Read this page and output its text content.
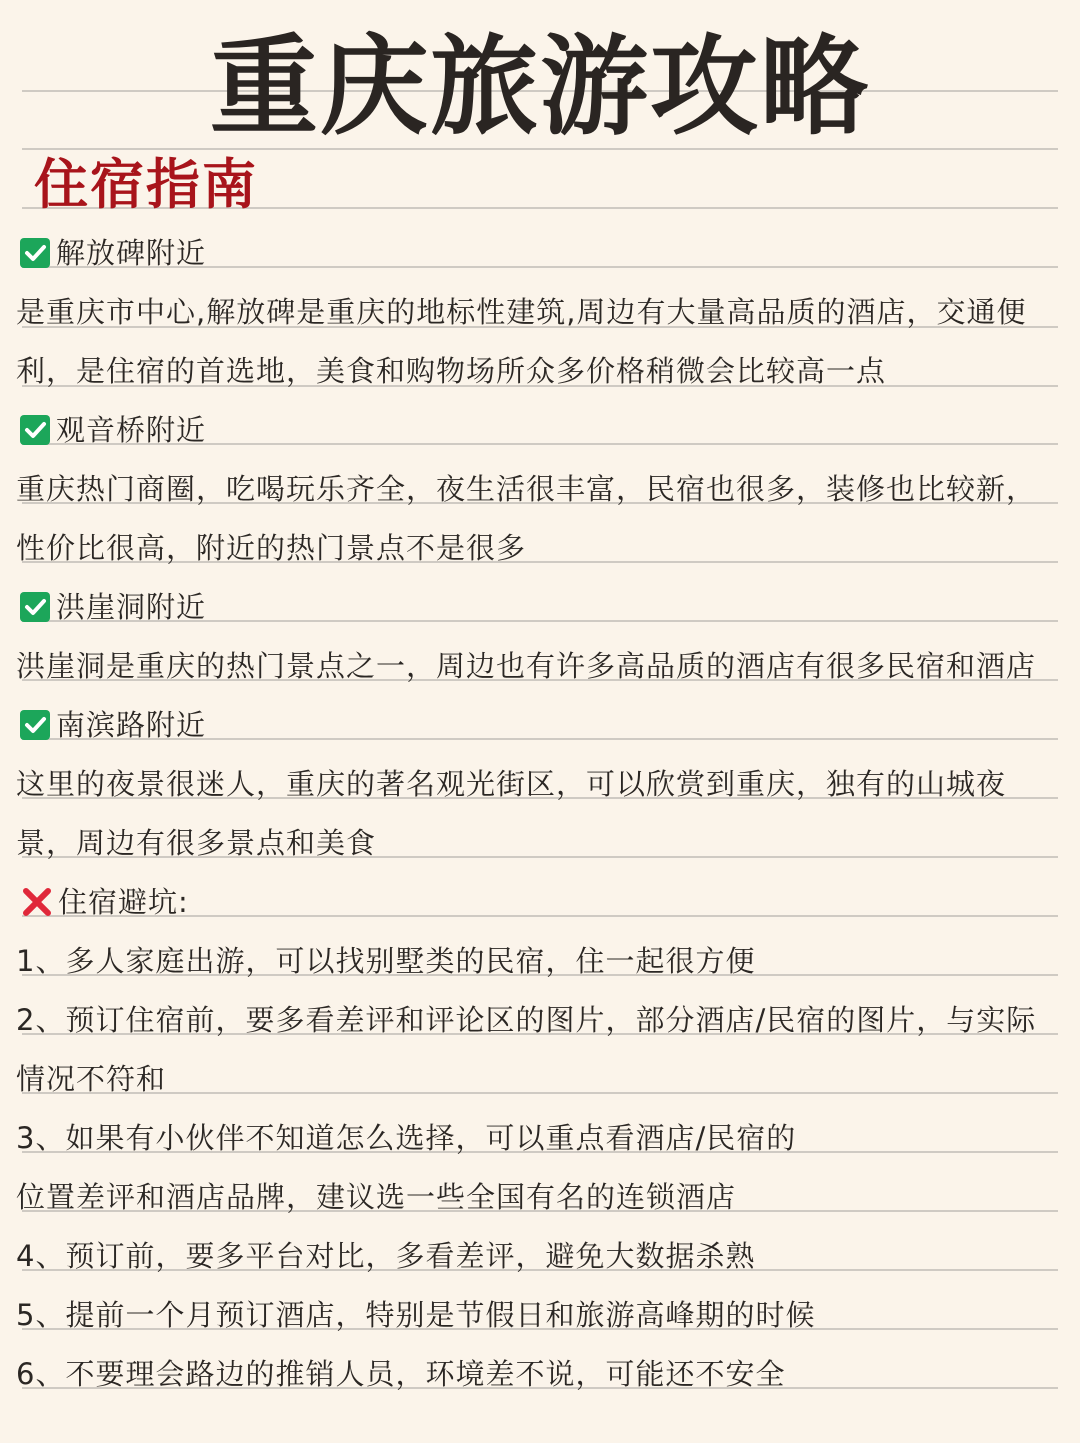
重庆旅游攻略
住宿指南
解放碑附近
是重庆市中心,解放碑是重庆的地标性建筑,周边有大量高品质的酒店，交通便
利，是住宿的首选地，美食和购物场所众多价格稍微会比较高一点
观音桥附近
重庆热门商圈，吃喝玩乐齐全，夜生活很丰富，民宿也很多，装修也比较新，
性价比很高，附近的热门景点不是很多
洪崖洞附近
洪崖洞是重庆的热门景点之一，周边也有许多高品质的酒店有很多民宿和酒店
南滨路附近
这里的夜景很迷人，重庆的著名观光街区，可以欣赏到重庆，独有的山城夜
景，周边有很多景点和美食
住宿避坑:
1、多人家庭出游，可以找别墅类的民宿，住一起很方便
2、预订住宿前，要多看差评和评论区的图片，部分酒店/民宿的图片，与实际
情况不符和
3、如果有小伙伴不知道怎么选择，可以重点看酒店/民宿的
位置差评和酒店品牌，建议选一些全国有名的连锁酒店
4、预订前，要多平台对比，多看差评，避免大数据杀熟
5、提前一个月预订酒店，特别是节假日和旅游高峰期的时候
6、不要理会路边的推销人员，环境差不说，可能还不安全
